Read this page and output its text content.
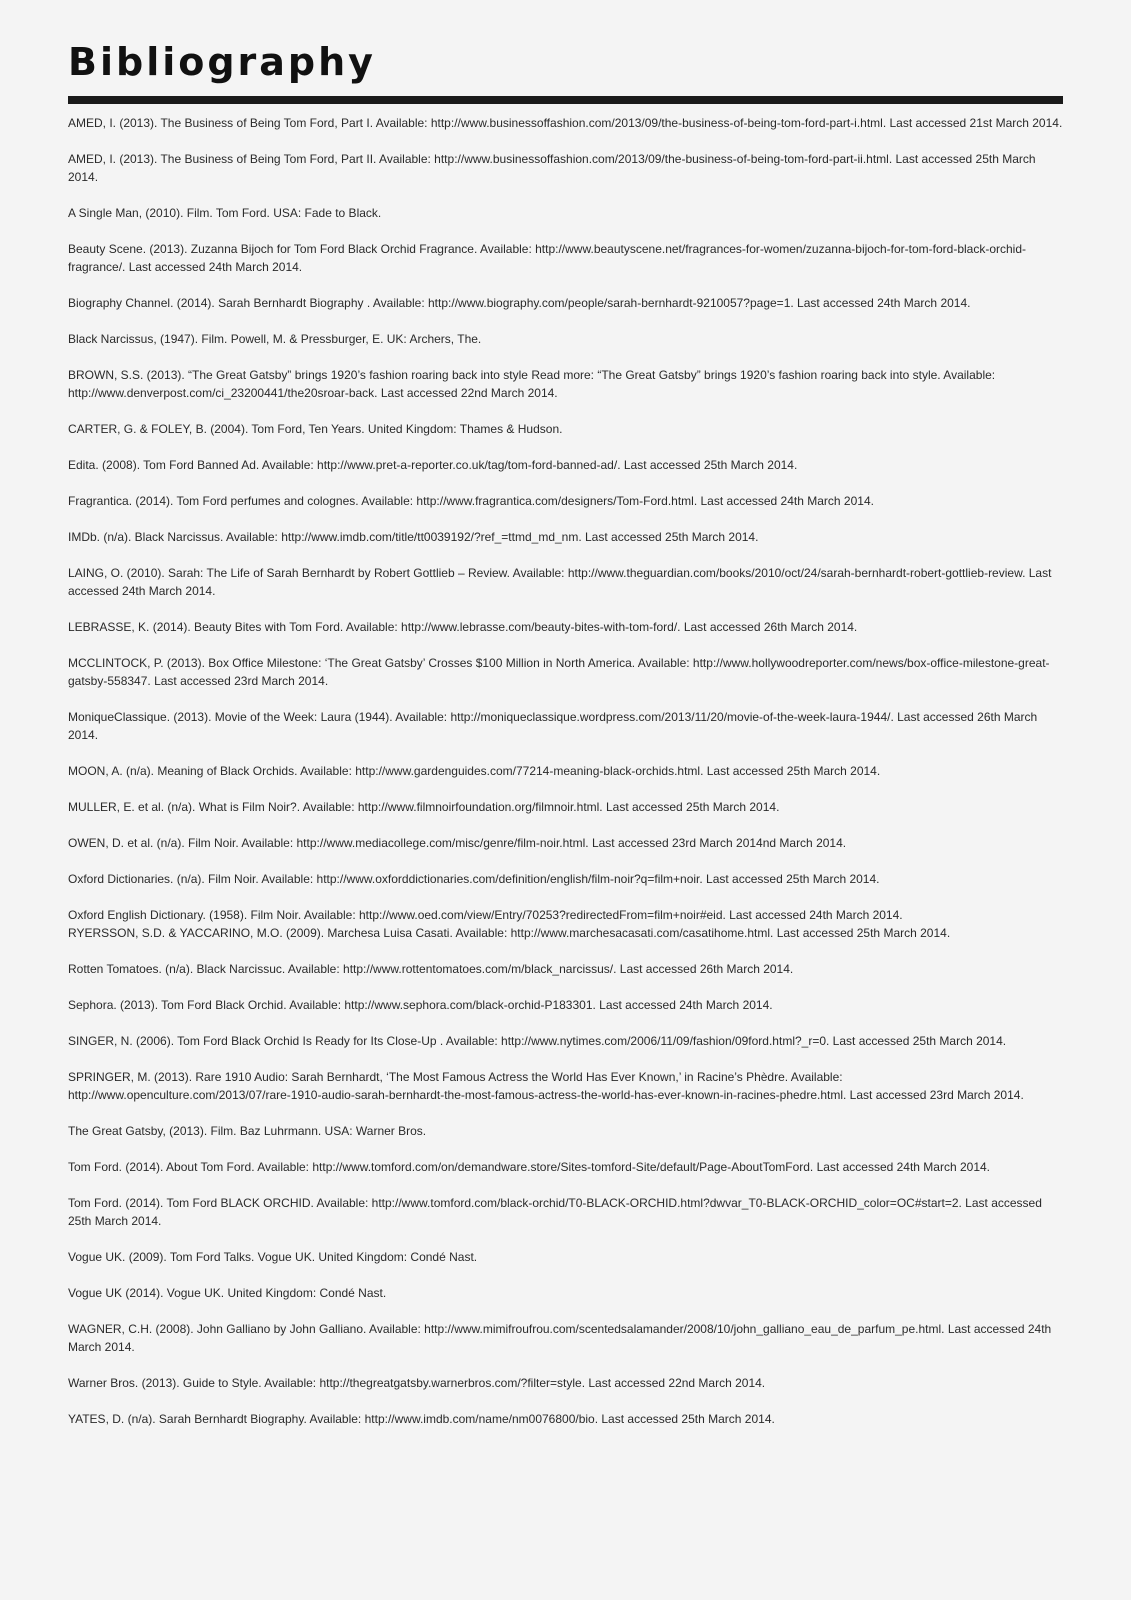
Bibliography

AMED, I. (2013). The Business of Being Tom Ford, Part I. Available: http://www.businessoffashion.com/2013/09/the-business-of-being-tom-ford-part-i.html. Last accessed 21st March 2014.

AMED, I. (2013). The Business of Being Tom Ford, Part II. Available: http://www.businessoffashion.com/2013/09/the-business-of-being-tom-ford-part-ii.html. Last accessed 25th March 2014.

A Single Man, (2010). Film. Tom Ford. USA: Fade to Black.

Beauty Scene. (2013). Zuzanna Bijoch for Tom Ford Black Orchid Fragrance. Available: http://www.beautyscene.net/fragrances-for-women/zuzanna-bijoch-for-tom-ford-black-orchid-fragrance/. Last accessed 24th March 2014.

Biography Channel. (2014). Sarah Bernhardt Biography . Available: http://www.biography.com/people/sarah-bernhardt-9210057?page=1. Last accessed 24th March 2014.

Black Narcissus, (1947). Film. Powell, M. & Pressburger, E. UK: Archers, The.

BROWN, S.S. (2013). “The Great Gatsby” brings 1920’s fashion roaring back into style Read more: “The Great Gatsby” brings 1920’s fashion roaring back into style. Available: http://www.denverpost.com/ci_23200441/the20sroar-back. Last accessed 22nd March 2014.

CARTER, G. & FOLEY, B. (2004). Tom Ford, Ten Years. United Kingdom: Thames & Hudson.

Edita. (2008). Tom Ford Banned Ad. Available: http://www.pret-a-reporter.co.uk/tag/tom-ford-banned-ad/. Last accessed 25th March 2014.

Fragrantica. (2014). Tom Ford perfumes and colognes. Available: http://www.fragrantica.com/designers/Tom-Ford.html. Last accessed 24th March 2014.

IMDb. (n/a). Black Narcissus. Available: http://www.imdb.com/title/tt0039192/?ref_=ttmd_md_nm. Last accessed 25th March 2014.

LAING, O. (2010). Sarah: The Life of Sarah Bernhardt by Robert Gottlieb – Review. Available: http://www.theguardian.com/books/2010/oct/24/sarah-bernhardt-robert-gottlieb-review. Last accessed 24th March 2014.

LEBRASSE, K. (2014). Beauty Bites with Tom Ford. Available: http://www.lebrasse.com/beauty-bites-with-tom-ford/. Last accessed 26th March 2014.

MCCLINTOCK, P. (2013). Box Office Milestone: ‘The Great Gatsby’ Crosses $100 Million in North America. Available: http://www.hollywoodreporter.com/news/box-office-milestone-great-gatsby-558347. Last accessed 23rd March 2014.

MoniqueClassique. (2013). Movie of the Week: Laura (1944). Available: http://moniqueclassique.wordpress.com/2013/11/20/movie-of-the-week-laura-1944/. Last accessed 26th March 2014.

MOON, A. (n/a). Meaning of Black Orchids. Available: http://www.gardenguides.com/77214-meaning-black-orchids.html. Last accessed 25th March 2014.

MULLER, E. et al. (n/a). What is Film Noir?. Available: http://www.filmnoirfoundation.org/filmnoir.html. Last accessed 25th March 2014.

OWEN, D. et al. (n/a). Film Noir. Available: http://www.mediacollege.com/misc/genre/film-noir.html. Last accessed 23rd March 2014nd March 2014.

Oxford Dictionaries. (n/a). Film Noir. Available: http://www.oxforddictionaries.com/definition/english/film-noir?q=film+noir. Last accessed 25th March 2014.

Oxford English Dictionary. (1958). Film Noir. Available: http://www.oed.com/view/Entry/70253?redirectedFrom=film+noir#eid. Last accessed 24th March 2014.

RYERSSON, S.D. & YACCARINO, M.O. (2009). Marchesa Luisa Casati. Available: http://www.marchesacasati.com/casatihome.html. Last accessed 25th March 2014.

Rotten Tomatoes. (n/a). Black Narcissuc. Available: http://www.rottentomatoes.com/m/black_narcissus/. Last accessed 26th March 2014.

Sephora. (2013). Tom Ford Black Orchid. Available: http://www.sephora.com/black-orchid-P183301. Last accessed 24th March 2014.

SINGER, N. (2006). Tom Ford Black Orchid Is Ready for Its Close-Up . Available: http://www.nytimes.com/2006/11/09/fashion/09ford.html?_r=0. Last accessed 25th March 2014.

SPRINGER, M. (2013). Rare 1910 Audio: Sarah Bernhardt, ‘The Most Famous Actress the World Has Ever Known,’ in Racine’s Phèdre. Available: http://www.openculture.com/2013/07/rare-1910-audio-sarah-bernhardt-the-most-famous-actress-the-world-has-ever-known-in-racines-phedre.html. Last accessed 23rd March 2014.

The Great Gatsby, (2013). Film. Baz Luhrmann. USA: Warner Bros.

Tom Ford. (2014). About Tom Ford. Available: http://www.tomford.com/on/demandware.store/Sites-tomford-Site/default/Page-AboutTomFord. Last accessed 24th March 2014.

Tom Ford. (2014). Tom Ford BLACK ORCHID. Available: http://www.tomford.com/black-orchid/T0-BLACK-ORCHID.html?dwvar_T0-BLACK-ORCHID_color=OC#start=2. Last accessed 25th March 2014.

Vogue UK. (2009). Tom Ford Talks. Vogue UK. United Kingdom: Condé Nast.

Vogue UK (2014). Vogue UK. United Kingdom: Condé Nast.

WAGNER, C.H. (2008). John Galliano by John Galliano. Available: http://www.mimifroufrou.com/scentedsalamander/2008/10/john_galliano_eau_de_parfum_pe.html. Last accessed 24th March 2014.

Warner Bros. (2013). Guide to Style. Available: http://thegreatgatsby.warnerbros.com/?filter=style. Last accessed 22nd March 2014.

YATES, D. (n/a). Sarah Bernhardt Biography. Available: http://www.imdb.com/name/nm0076800/bio. Last accessed 25th March 2014.
